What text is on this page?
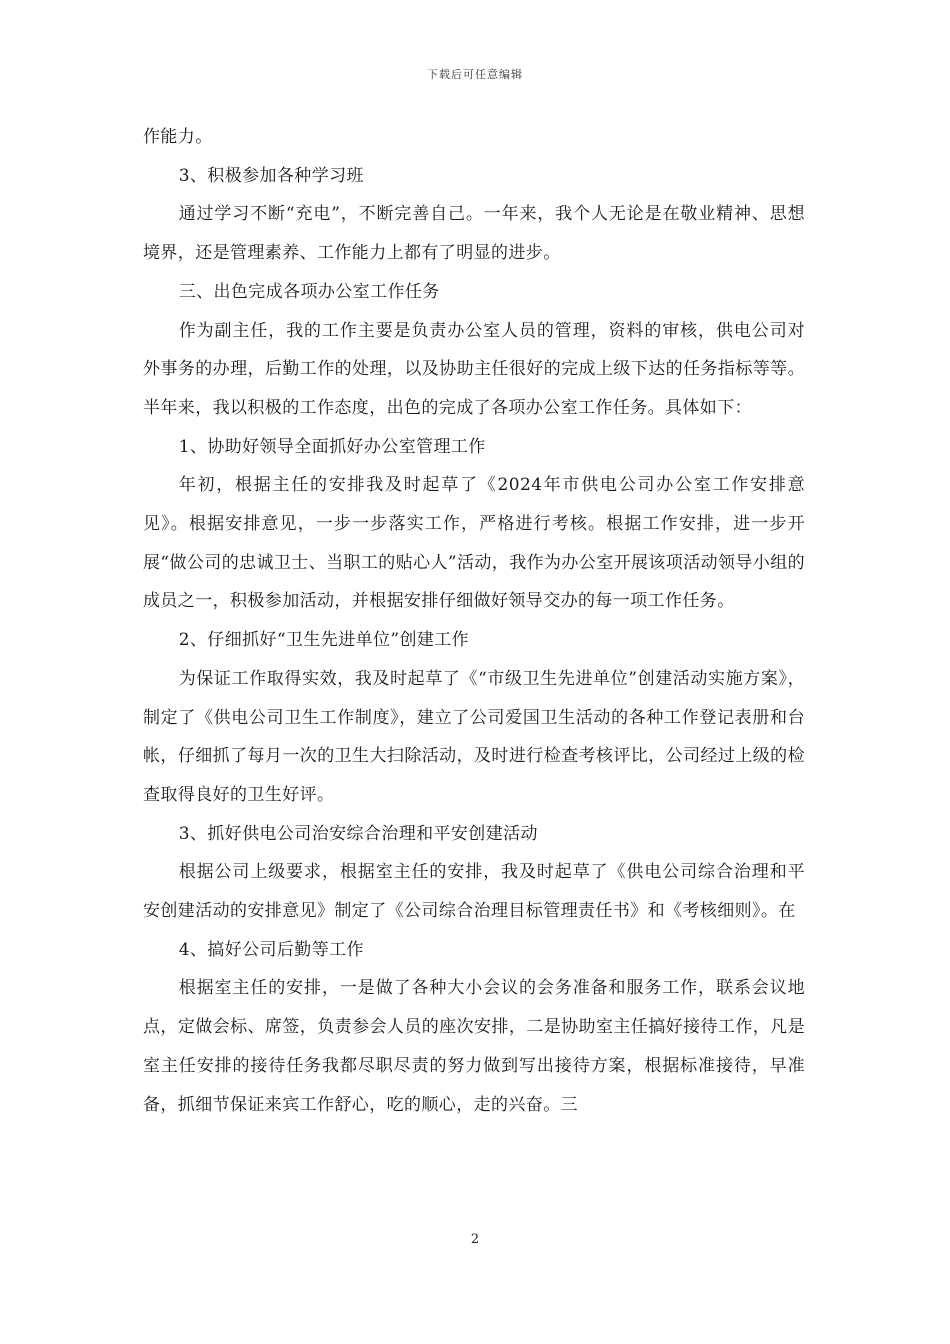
下载后可任意编辑

作能力。

3、积极参加各种学习班

通过学习不断“充电”，不断完善自己。一年来，我个人无论是在敬业精神、思想境界，还是管理素养、工作能力上都有了明显的进步。

三、出色完成各项办公室工作任务

作为副主任，我的工作主要是负责办公室人员的管理，资料的审核，供电公司对外事务的办理，后勤工作的处理，以及协助主任很好的完成上级下达的任务指标等等。半年来，我以积极的工作态度，出色的完成了各项办公室工作任务。具体如下：

1、协助好领导全面抓好办公室管理工作

年初，根据主任的安排我及时起草了《2024年市供电公司办公室工作安排意见》。根据安排意见，一步一步落实工作，严格进行考核。根据工作安排，进一步开展“做公司的忠诚卫士、当职工的贴心人”活动，我作为办公室开展该项活动领导小组的成员之一，积极参加活动，并根据安排仔细做好领导交办的每一项工作任务。

2、仔细抓好“卫生先进单位”创建工作

为保证工作取得实效，我及时起草了《“市级卫生先进单位”创建活动实施方案》，制定了《供电公司卫生工作制度》，建立了公司爱国卫生活动的各种工作登记表册和台帐，仔细抓了每月一次的卫生大扫除活动，及时进行检查考核评比，公司经过上级的检查取得良好的卫生好评。

3、抓好供电公司治安综合治理和平安创建活动

根据公司上级要求，根据室主任的安排，我及时起草了《供电公司综合治理和平安创建活动的安排意见》制定了《公司综合治理目标管理责任书》和《考核细则》。在

4、搞好公司后勤等工作

根据室主任的安排，一是做了各种大小会议的会务准备和服务工作，联系会议地点，定做会标、席签，负责参会人员的座次安排，二是协助室主任搞好接待工作，凡是室主任安排的接待任务我都尽职尽责的努力做到写出接待方案，根据标准接待，早准备，抓细节保证来宾工作舒心，吃的顺心，走的兴奋。三

2
